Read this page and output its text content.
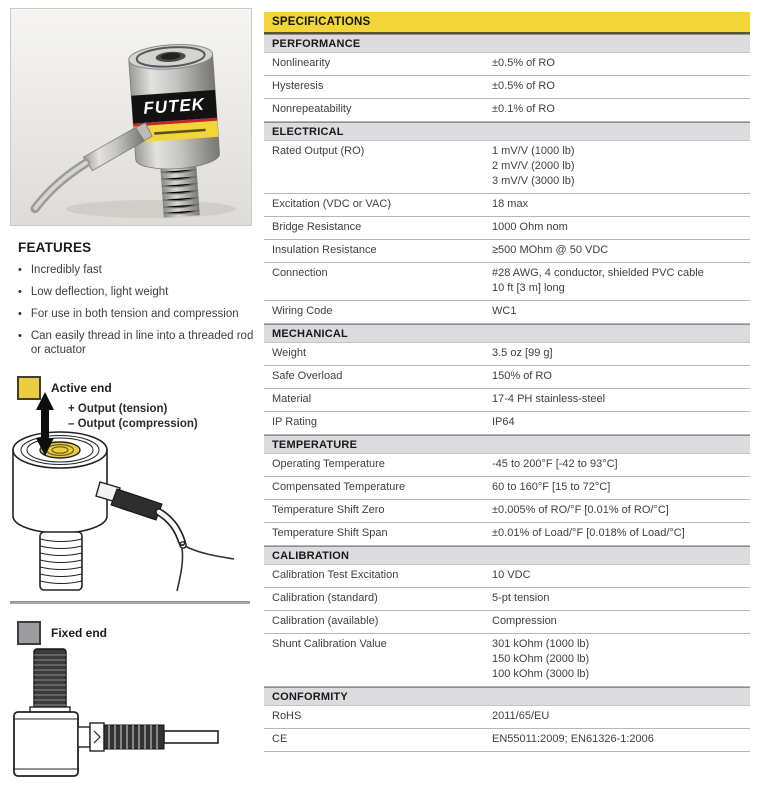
FUTEK
FEATURES
• Incredibly fast
• Low deflection, light weight
• For use in both tension and compression
• Can easily thread in line into a threaded rod or actuator
Active end
+ Output (tension)
– Output (compression)
Fixed end
SPECIFICATIONS
PERFORMANCE
Nonlinearity	±0.5% of RO
Hysteresis	±0.5% of RO
Nonrepeatability	±0.1% of RO
ELECTRICAL
Rated Output (RO)	1 mV/V (1000 lb)
2 mV/V (2000 lb)
3 mV/V (3000 lb)
Excitation (VDC or VAC)	18 max
Bridge Resistance	1000 Ohm nom
Insulation Resistance	≥500 MOhm @ 50 VDC
Connection	#28 AWG, 4 conductor, shielded PVC cable
10 ft [3 m] long
Wiring Code	WC1
MECHANICAL
Weight	3.5 oz [99 g]
Safe Overload	150% of RO
Material	17-4 PH stainless-steel
IP Rating	IP64
TEMPERATURE
Operating Temperature	-45 to 200°F [-42 to 93°C]
Compensated Temperature	60 to 160°F [15 to 72°C]
Temperature Shift Zero	±0.005% of RO/°F [0.01% of RO/°C]
Temperature Shift Span	±0.01% of Load/°F [0.018% of Load/°C]
CALIBRATION
Calibration Test Excitation	10 VDC
Calibration (standard)	5-pt tension
Calibration (available)	Compression
Shunt Calibration Value	301 kOhm (1000 lb)
150 kOhm (2000 lb)
100 kOhm (3000 lb)
CONFORMITY
RoHS	2011/65/EU
CE	EN55011:2009; EN61326-1:2006
